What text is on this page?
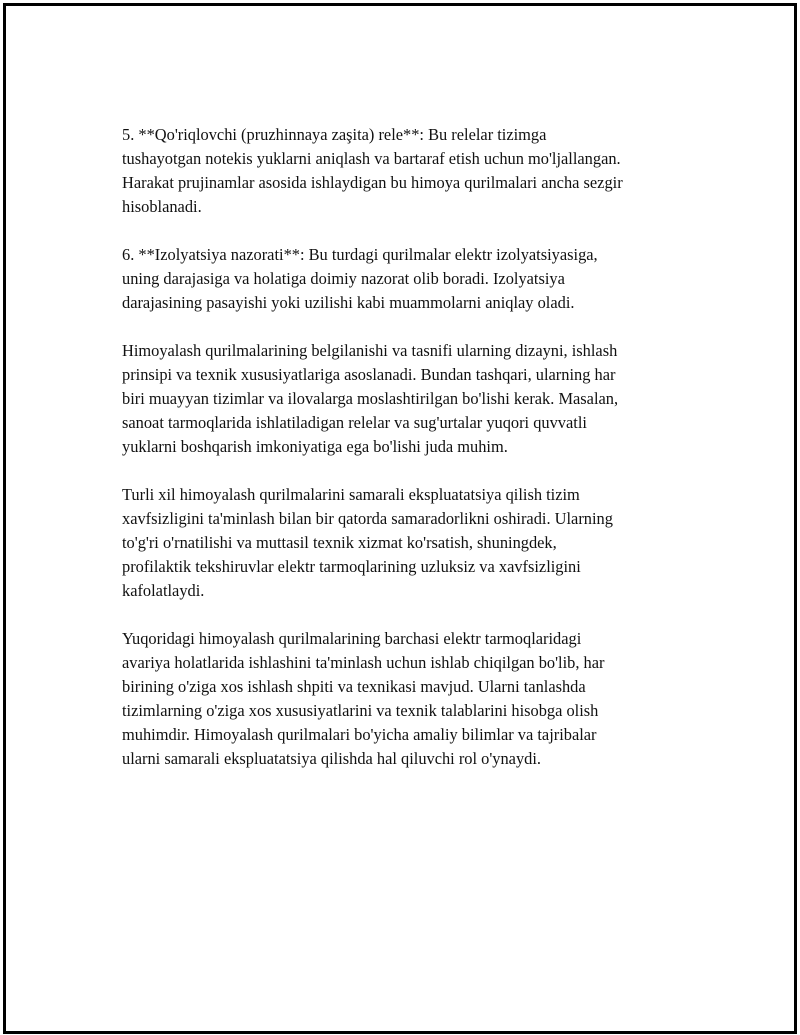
5. **Qo'riqlovchi (pruzhinnaya zaşita) rele**: Bu relelar tizimga
tushayotgan notekis yuklarni aniqlash va bartaraf etish uchun mo'ljallangan.
Harakat prujinamlar asosida ishlaydigan bu himoya qurilmalari ancha sezgir
hisoblanadi.

6. **Izolyatsiya nazorati**: Bu turdagi qurilmalar elektr izolyatsiyasiga,
uning darajasiga va holatiga doimiy nazorat olib boradi. Izolyatsiya
darajasining pasayishi yoki uzilishi kabi muammolarni aniqlay oladi.

Himoyalash qurilmalarining belgilanishi va tasnifi ularning dizayni, ishlash
prinsipi va texnik xususiyatlariga asoslanadi. Bundan tashqari, ularning har
biri muayyan tizimlar va ilovalarga moslashtirilgan bo'lishi kerak. Masalan,
sanoat tarmoqlarida ishlatiladigan relelar va sug'urtalar yuqori quvvatli
yuklarni boshqarish imkoniyatiga ega bo'lishi juda muhim.

Turli xil himoyalash qurilmalarini samarali ekspluatatsiya qilish tizim
xavfsizligini ta'minlash bilan bir qatorda samaradorlikni oshiradi. Ularning
to'g'ri o'rnatilishi va muttasil texnik xizmat ko'rsatish, shuningdek,
profilaktik tekshiruvlar elektr tarmoqlarining uzluksiz va xavfsizligini
kafolatlaydi.

Yuqoridagi himoyalash qurilmalarining barchasi elektr tarmoqlaridagi
avariya holatlarida ishlashini ta'minlash uchun ishlab chiqilgan bo'lib, har
birining o'ziga xos ishlash shpiti va texnikasi mavjud. Ularni tanlashda
tizimlarning o'ziga xos xususiyatlarini va texnik talablarini hisobga olish
muhimdir. Himoyalash qurilmalari bo'yicha amaliy bilimlar va tajribalar
ularni samarali ekspluatatsiya qilishda hal qiluvchi rol o'ynaydi.
